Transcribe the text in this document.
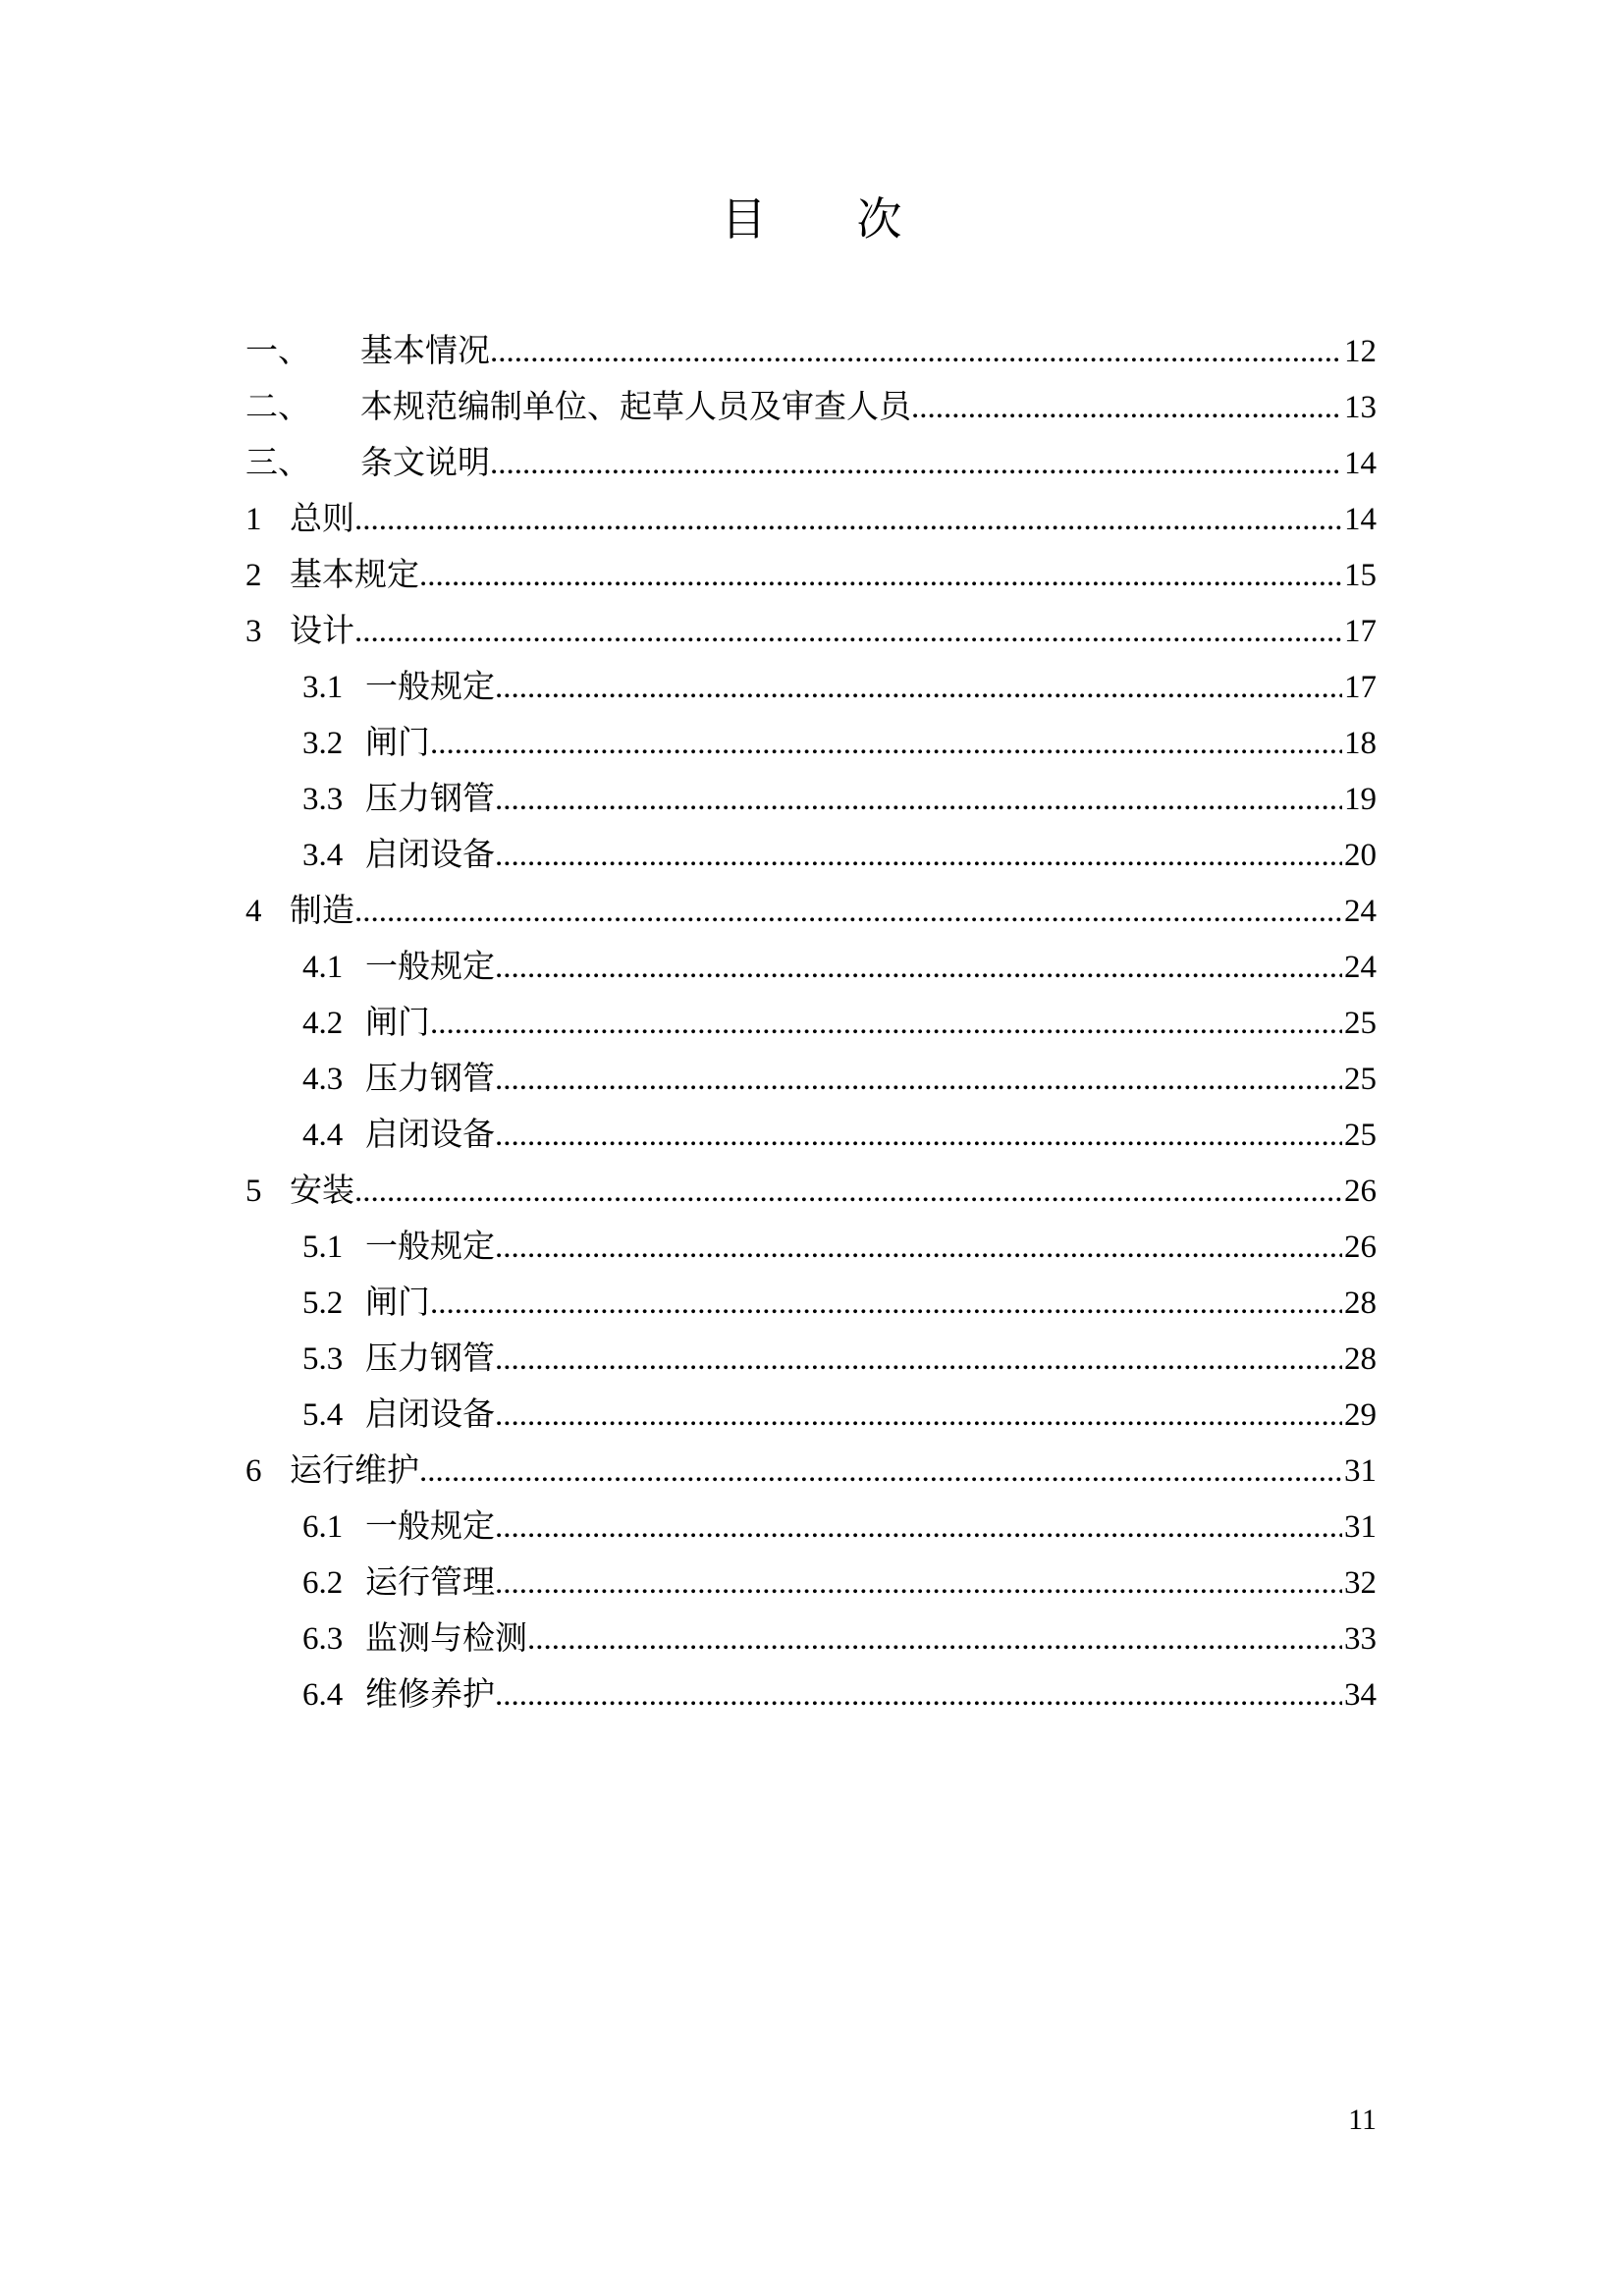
目　　次
一、	基本情况 .....	12
二、	本规范编制单位、起草人员及审查人员 .....	13
三、	条文说明 .....	14
1 总则 .....	14
2 基本规定 .....	15
3 设计 .....	17
3.1 一般规定 .....	17
3.2 闸门 .....	18
3.3 压力钢管 .....	19
3.4 启闭设备 .....	20
4 制造 .....	24
4.1 一般规定 .....	24
4.2 闸门 .....	25
4.3 压力钢管 .....	25
4.4 启闭设备 .....	25
5 安装 .....	26
5.1 一般规定 .....	26
5.2 闸门 .....	28
5.3 压力钢管 .....	28
5.4 启闭设备 .....	29
6 运行维护 .....	31
6.1 一般规定 .....	31
6.2 运行管理 .....	32
6.3 监测与检测 .....	33
6.4 维修养护 .....	34
11
